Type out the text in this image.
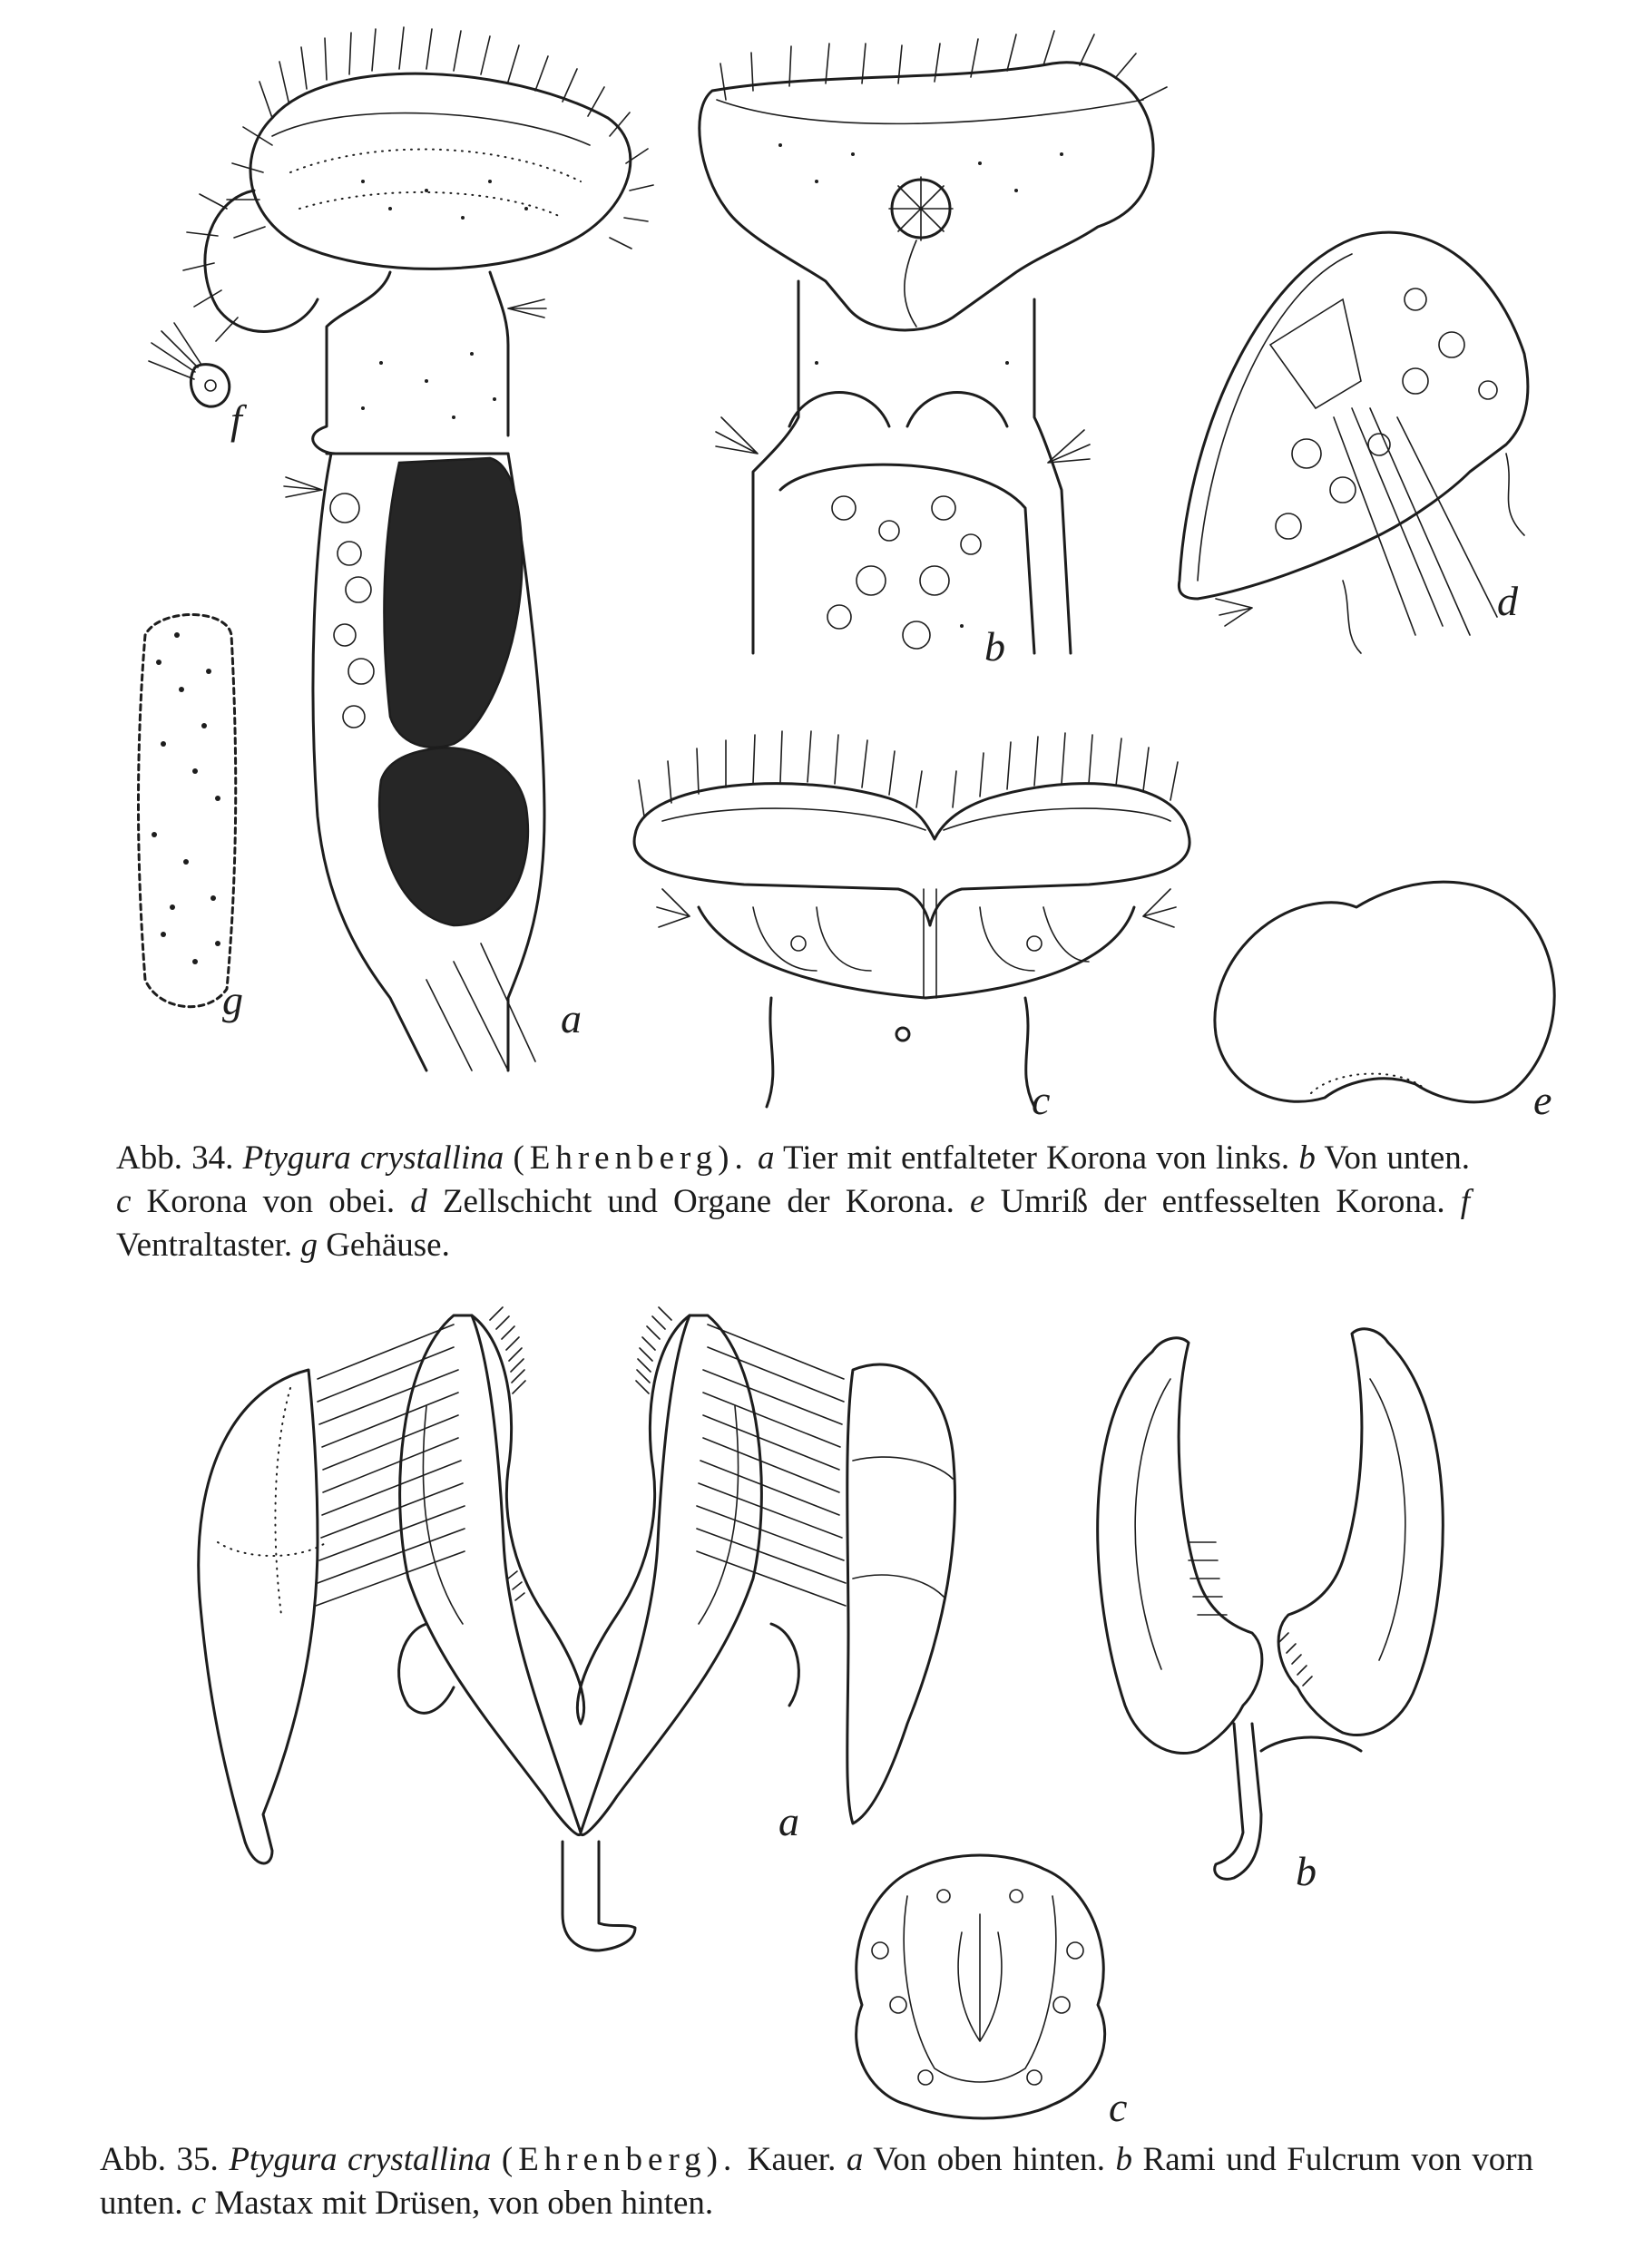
a
b
c
d
e
f
g
Abb. 34. Ptygura crystallina (Ehrenberg). a Tier mit entfalteter Korona von links. b Von unten. c Korona von obei. d Zellschicht und Organe der Korona. e Umriß der entfesselten Korona. f Ventraltaster. g Gehäuse.
a
b
c
Abb. 35. Ptygura crystallina (Ehrenberg). Kauer. a Von oben hinten. b Rami und Fulcrum von vorn unten. c Mastax mit Drüsen, von oben hinten.
